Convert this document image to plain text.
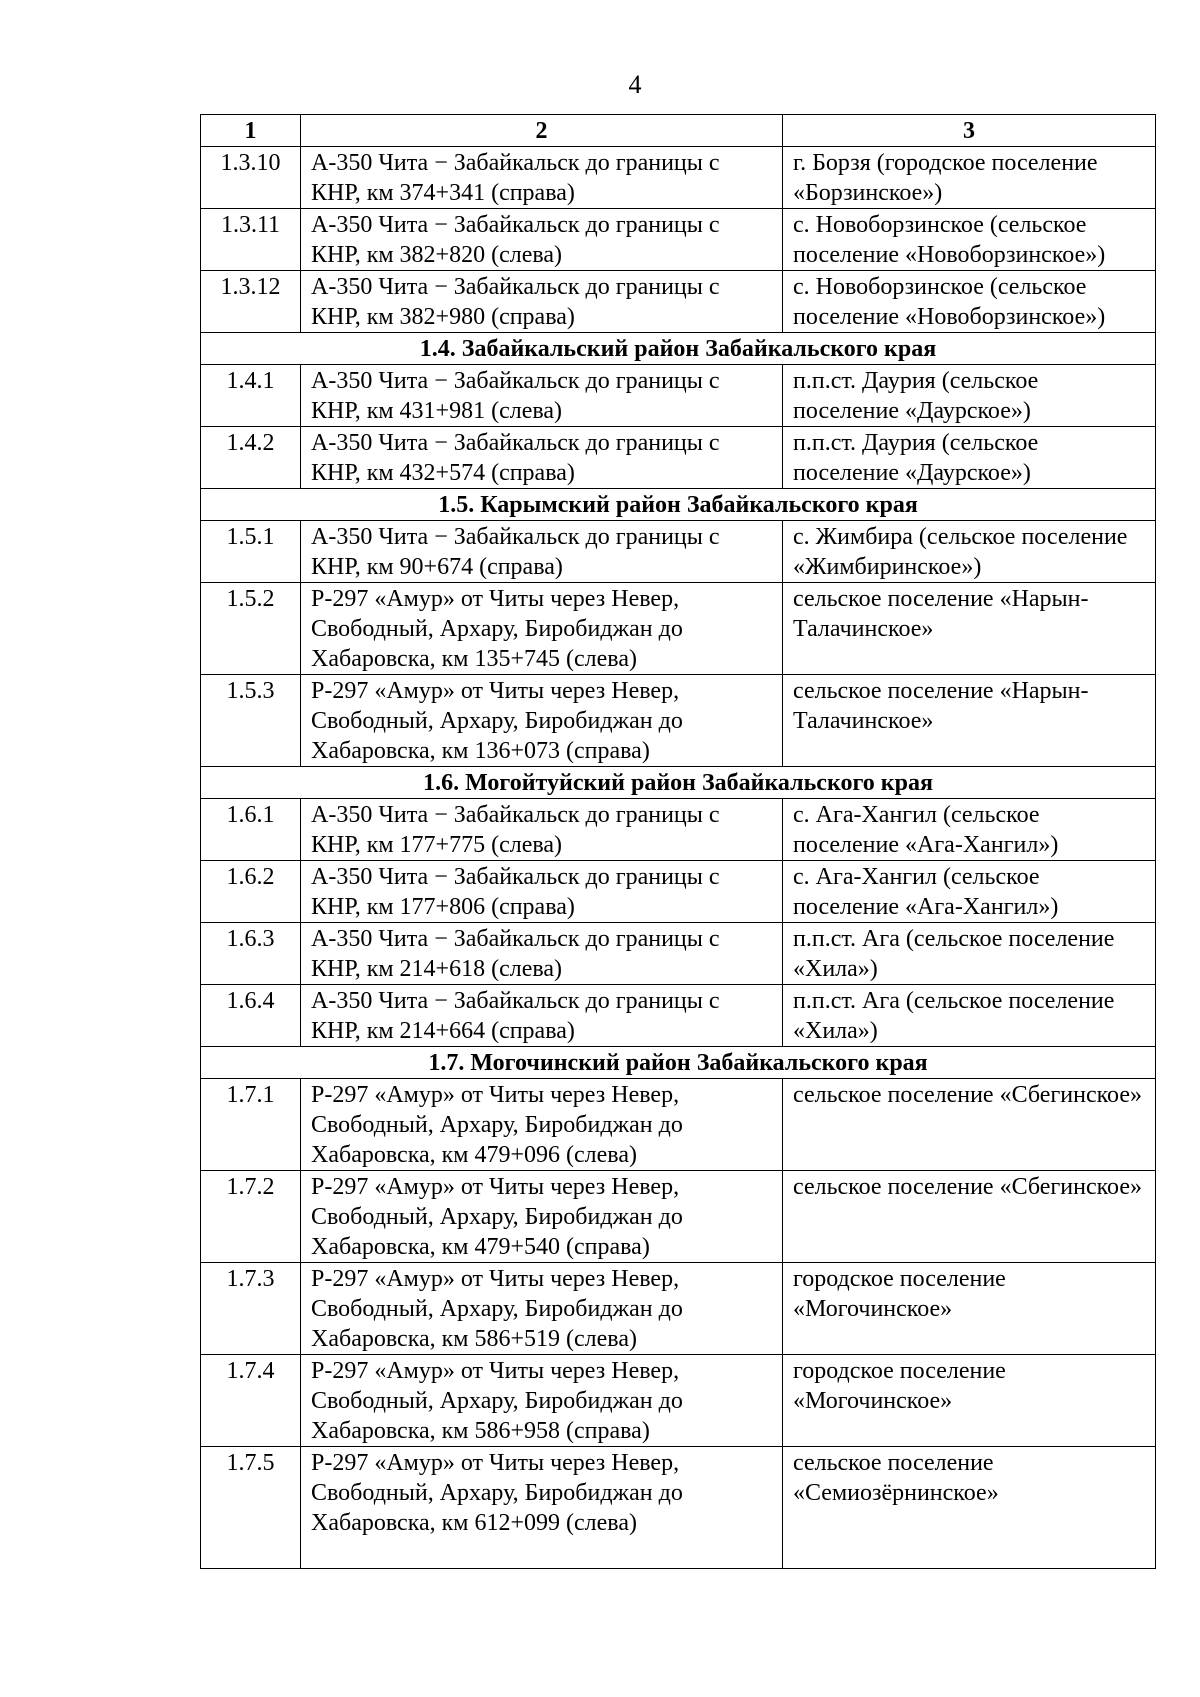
4
1	2	3
1.3.10	А-350 Чита − Забайкальск до границы с КНР, км 374+341 (справа)	г. Борзя (городское поселение «Борзинское»)
1.3.11	А-350 Чита − Забайкальск до границы с КНР, км 382+820 (слева)	с. Новоборзинское (сельское поселение «Новоборзинское»)
1.3.12	А-350 Чита − Забайкальск до границы с КНР, км 382+980 (справа)	с. Новоборзинское (сельское поселение «Новоборзинское»)
1.4. Забайкальский район Забайкальского края		
1.4.1	А-350 Чита − Забайкальск до границы с КНР, км 431+981 (слева)	п.п.ст. Даурия (сельское поселение «Даурское»)
1.4.2	А-350 Чита − Забайкальск до границы с КНР, км 432+574 (справа)	п.п.ст. Даурия (сельское поселение «Даурское»)
1.5. Карымский район Забайкальского края		
1.5.1	А-350 Чита − Забайкальск до границы с КНР, км 90+674 (справа)	с. Жимбира (сельское поселение «Жимбиринское»)
1.5.2	Р-297 «Амур» от Читы через Невер, Свободный, Архару, Биробиджан до Хабаровска, км 135+745 (слева)	сельское поселение «Нарын-Талачинское»
1.5.3	Р-297 «Амур» от Читы через Невер, Свободный, Архару, Биробиджан до Хабаровска, км 136+073 (справа)	сельское поселение «Нарын-Талачинское»
1.6. Могойтуйский район Забайкальского края		
1.6.1	А-350 Чита − Забайкальск до границы с КНР, км 177+775 (слева)	с. Ага-Хангил (сельское поселение «Ага-Хангил»)
1.6.2	А-350 Чита − Забайкальск до границы с КНР, км 177+806 (справа)	с. Ага-Хангил (сельское поселение «Ага-Хангил»)
1.6.3	А-350 Чита − Забайкальск до границы с КНР, км 214+618 (слева)	п.п.ст. Ага (сельское поселение «Хила»)
1.6.4	А-350 Чита − Забайкальск до границы с КНР, км 214+664 (справа)	п.п.ст. Ага (сельское поселение «Хила»)
1.7. Могочинский район Забайкальского края		
1.7.1	Р-297 «Амур» от Читы через Невер, Свободный, Архару, Биробиджан до Хабаровска, км 479+096 (слева)	сельское поселение «Сбегинское»
1.7.2	Р-297 «Амур» от Читы через Невер, Свободный, Архару, Биробиджан до Хабаровска, км 479+540 (справа)	сельское поселение «Сбегинское»
1.7.3	Р-297 «Амур» от Читы через Невер, Свободный, Архару, Биробиджан до Хабаровска, км 586+519 (слева)	городское поселение «Могочинское»
1.7.4	Р-297 «Амур» от Читы через Невер, Свободный, Архару, Биробиджан до Хабаровска, км 586+958 (справа)	городское поселение «Могочинское»
1.7.5	Р-297 «Амур» от Читы через Невер, Свободный, Архару, Биробиджан до Хабаровска, км 612+099 (слева)	сельское поселение «Семиозёрнинское»
